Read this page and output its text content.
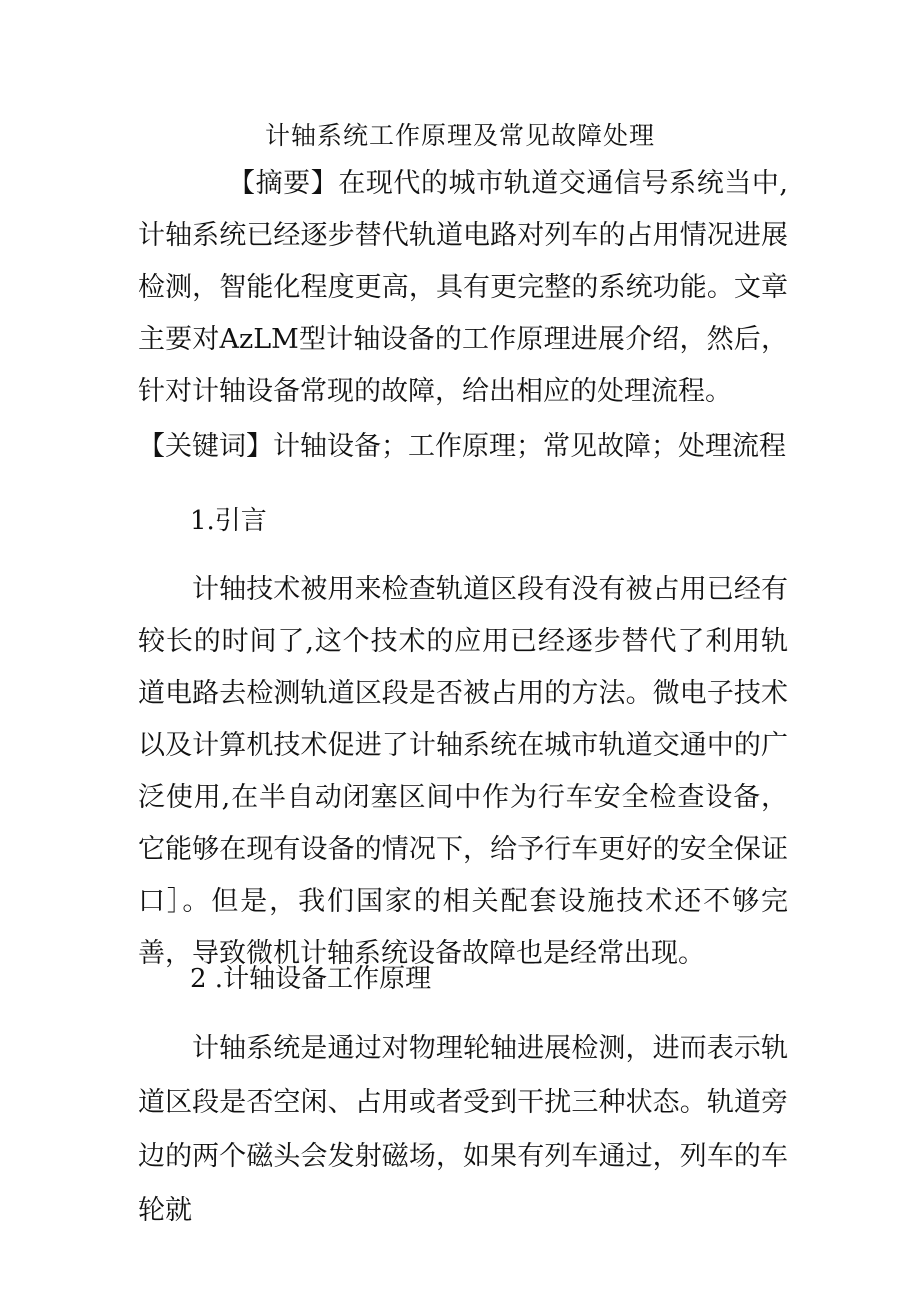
计轴系统工作原理及常见故障处理
【摘要】在现代的城市轨道交通信号系统当中,计轴系统已经逐步替代轨道电路对列车的占用情况进展检测，智能化程度更高，具有更完整的系统功能。文章主要对AzLM型计轴设备的工作原理进展介绍，然后，针对计轴设备常现的故障，给出相应的处理流程。
【关键词】计轴设备；工作原理；常见故障；处理流程
1.引言
计轴技术被用来检查轨道区段有没有被占用已经有较长的时间了,这个技术的应用已经逐步替代了利用轨道电路去检测轨道区段是否被占用的方法。微电子技术以及计算机技术促进了计轴系统在城市轨道交通中的广泛使用,在半自动闭塞区间中作为行车安全检查设备，它能够在现有设备的情况下，给予行车更好的安全保证口］。但是，我们国家的相关配套设施技术还不够完善，导致微机计轴系统设备故障也是经常出现。
2 .计轴设备工作原理
计轴系统是通过对物理轮轴进展检测，进而表示轨道区段是否空闲、占用或者受到干扰三种状态。轨道旁边的两个磁头会发射磁场，如果有列车通过，列车的车轮就
